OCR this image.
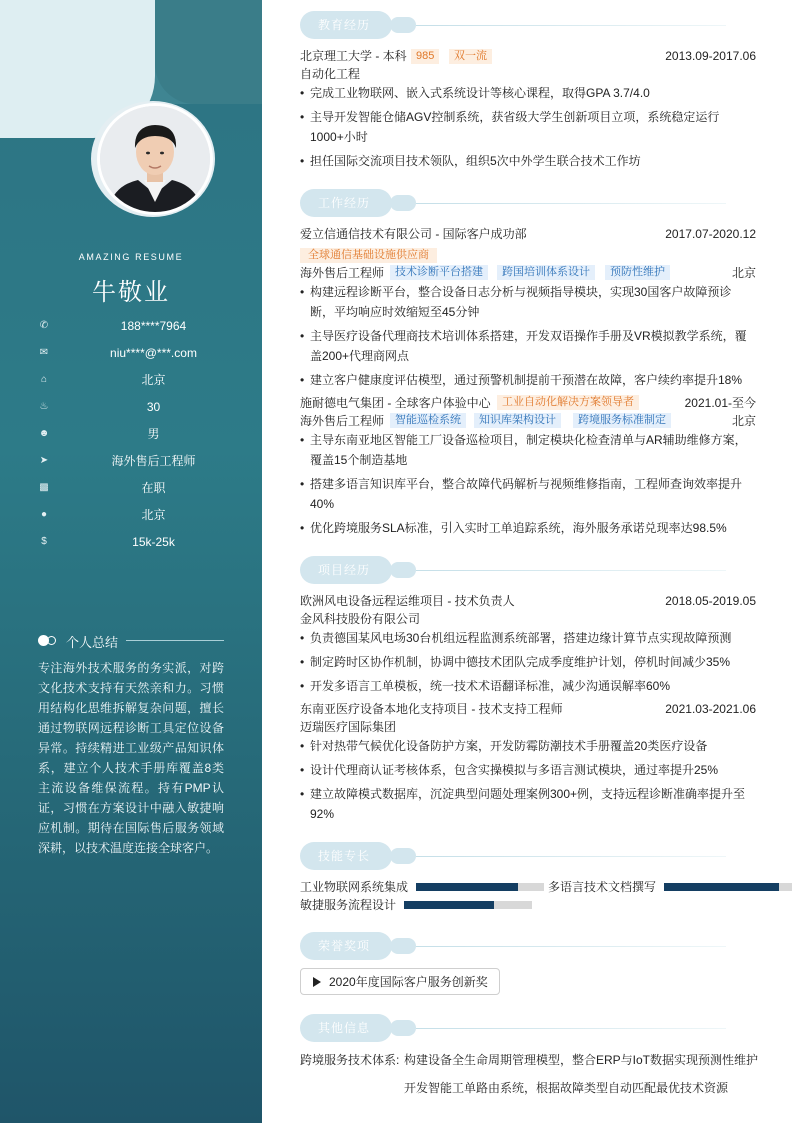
AMAZING RESUME
牛敬业
✆	188****7964
✉	niu****@***.com
⌂	北京
♨	30
☻	男
➤	海外售后工程师
▩	在职
●	北京
$	15k-25k
个人总结
专注海外技术服务的务实派，对跨文化技术支持有天然亲和力。习惯用结构化思维拆解复杂问题，擅长通过物联网远程诊断工具定位设备异常。持续精进工业级产品知识体系，建立个人技术手册库覆盖8类主流设备维保流程。持有PMP认证，习惯在方案设计中融入敏捷响应机制。期待在国际售后服务领域深耕，以技术温度连接全球客户。
教育经历
北京理工大学 - 本科 985	双一流	2013.09-2017.06
自动化工程
• 完成工业物联网、嵌入式系统设计等核心课程，取得GPA 3.7/4.0
• 主导开发智能仓储AGV控制系统，获省级大学生创新项目立项，系统稳定运行1000+小时
• 担任国际交流项目技术领队，组织5次中外学生联合技术工作坊
工作经历
爱立信通信技术有限公司 - 国际客户成功部	2017.07-2020.12
全球通信基础设施供应商
海外售后工程师 技术诊断平台搭建	跨国培训体系设计	预防性维护	北京
• 构建远程诊断平台，整合设备日志分析与视频指导模块，实现30国客户故障预诊断，平均响应时效缩短至45分钟
• 主导医疗设备代理商技术培训体系搭建，开发双语操作手册及VR模拟教学系统，覆盖200+代理商网点
• 建立客户健康度评估模型，通过预警机制提前干预潜在故障，客户续约率提升18%
施耐德电气集团 - 全球客户体验中心	工业自动化解决方案领导者	2021.01-至今
海外售后工程师 智能巡检系统	知识库架构设计	跨境服务标准制定	北京
• 主导东南亚地区智能工厂设备巡检项目，制定模块化检查清单与AR辅助维修方案，覆盖15个制造基地
• 搭建多语言知识库平台，整合故障代码解析与视频维修指南，工程师查询效率提升40%
• 优化跨境服务SLA标准，引入实时工单追踪系统，海外服务承诺兑现率达98.5%
项目经历
欧洲风电设备远程运维项目 - 技术负责人	2018.05-2019.05
金风科技股份有限公司
• 负责德国某风电场30台机组远程监测系统部署，搭建边缘计算节点实现故障预测
• 制定跨时区协作机制，协调中德技术团队完成季度维护计划，停机时间减少35%
• 开发多语言工单模板，统一技术术语翻译标准，减少沟通误解率60%
东南亚医疗设备本地化支持项目 - 技术支持工程师	2021.03-2021.06
迈瑞医疗国际集团
• 针对热带气候优化设备防护方案，开发防霉防潮技术手册覆盖20类医疗设备
• 设计代理商认证考核体系，包含实操模拟与多语言测试模块，通过率提升25%
• 建立故障模式数据库，沉淀典型问题处理案例300+例，支持远程诊断准确率提升至92%
技能专长
工业物联网系统集成	多语言技术文档撰写
敏捷服务流程设计
荣誉奖项
2020年度国际客户服务创新奖
其他信息
跨境服务技术体系: 构建设备全生命周期管理模型，整合ERP与IoT数据实现预测性维护
开发智能工单路由系统，根据故障类型自动匹配最优技术资源
